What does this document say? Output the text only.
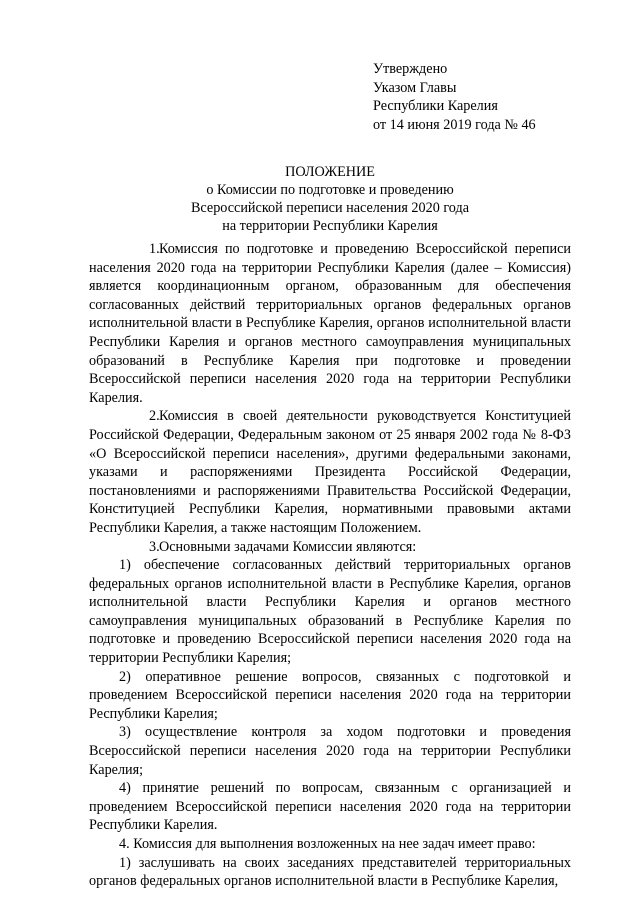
Утверждено
Указом Главы
Республики Карелия
от 14 июня 2019 года № 46
ПОЛОЖЕНИЕ
о Комиссии по подготовке и проведению
Всероссийской переписи населения 2020 года
на территории Республики Карелия

1.Комиссия по подготовке и проведению Всероссийской переписи населения 2020 года на территории Республики Карелия (далее – Комиссия) является координационным органом, образованным для обеспечения согласованных действий территориальных органов федеральных органов исполнительной власти в Республике Карелия, органов исполнительной власти Республики Карелия и органов местного самоуправления муниципальных образований в Республике Карелия при подготовке и проведении Всероссийской переписи населения 2020 года на территории Республики Карелия.

2.Комиссия в своей деятельности руководствуется Конституцией Российской Федерации, Федеральным законом от 25 января 2002 года № 8-ФЗ «О Всероссийской переписи населения», другими федеральными законами, указами и распоряжениями Президента Российской Федерации, постановлениями и распоряжениями Правительства Российской Федерации, Конституцией Республики Карелия, нормативными правовыми актами Республики Карелия, а также настоящим Положением.

3.Основными задачами Комиссии являются:

1) обеспечение согласованных действий территориальных органов федеральных органов исполнительной власти в Республике Карелия, органов исполнительной власти Республики Карелия и органов местного самоуправления муниципальных образований в Республике Карелия по подготовке и проведению Всероссийской переписи населения 2020 года на территории Республики Карелия;

2) оперативное решение вопросов, связанных с подготовкой и проведением Всероссийской переписи населения 2020 года на территории Республики Карелия;

3) осуществление контроля за ходом подготовки и проведения Всероссийской переписи населения 2020 года на территории Республики Карелия;

4) принятие решений по вопросам, связанным с организацией и проведением Всероссийской переписи населения 2020 года на территории Республики Карелия.

4. Комиссия для выполнения возложенных на нее задач имеет право:

1) заслушивать на своих заседаниях представителей территориальных органов федеральных органов исполнительной власти в Республике Карелия,
